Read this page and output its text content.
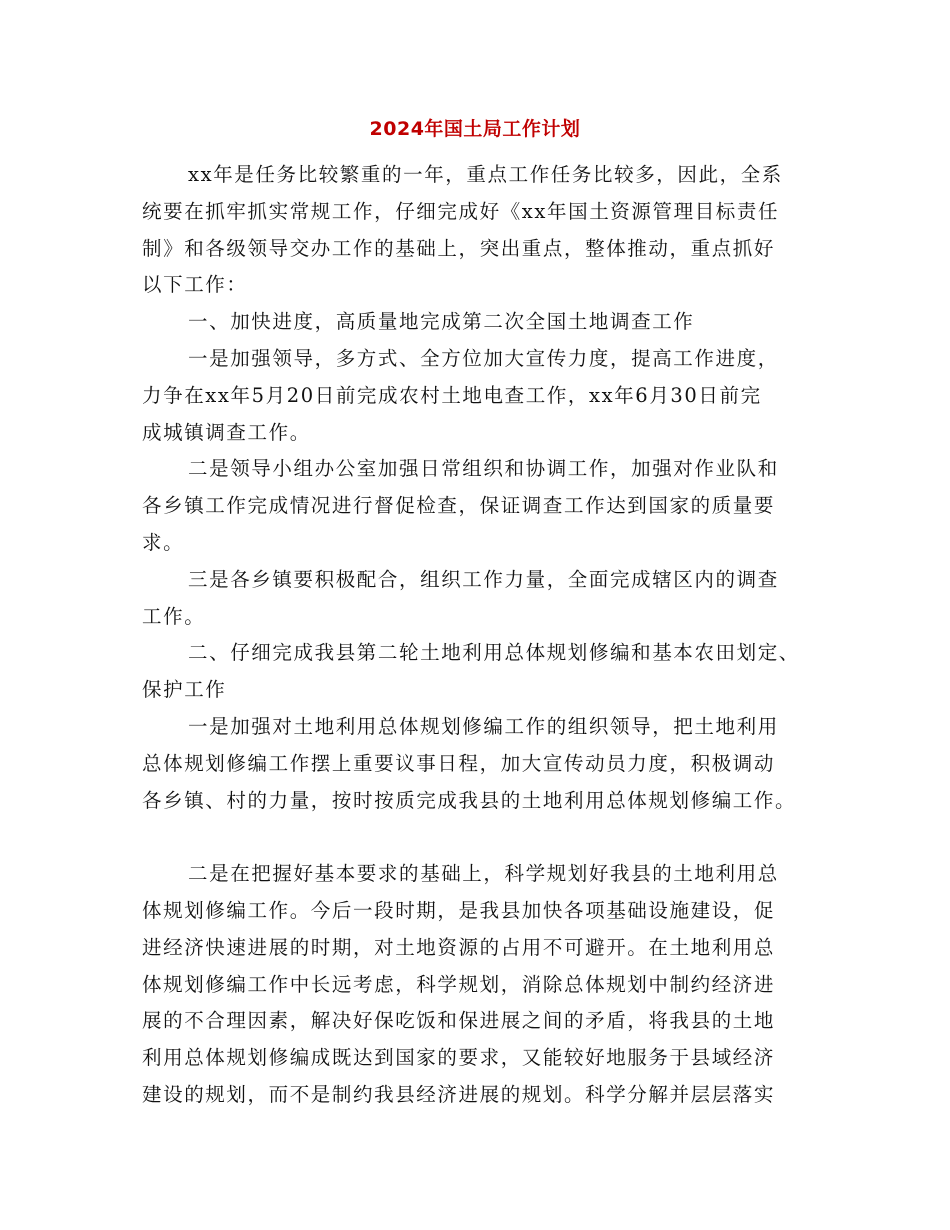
2024年国土局工作计划
xx年是任务比较繁重的一年，重点工作任务比较多，因此，全系
统要在抓牢抓实常规工作，仔细完成好《xx年国土资源管理目标责任
制》和各级领导交办工作的基础上，突出重点，整体推动，重点抓好
以下工作：
一、加快进度，高质量地完成第二次全国土地调查工作
一是加强领导，多方式、全方位加大宣传力度，提高工作进度，
力争在xx年5月20日前完成农村土地电查工作，xx年6月30日前完
成城镇调查工作。
二是领导小组办公室加强日常组织和协调工作，加强对作业队和
各乡镇工作完成情况进行督促检查，保证调查工作达到国家的质量要
求。
三是各乡镇要积极配合，组织工作力量，全面完成辖区内的调查
工作。
二、仔细完成我县第二轮土地利用总体规划修编和基本农田划定、
保护工作
一是加强对土地利用总体规划修编工作的组织领导，把土地利用
总体规划修编工作摆上重要议事日程，加大宣传动员力度，积极调动
各乡镇、村的力量，按时按质完成我县的土地利用总体规划修编工作。
二是在把握好基本要求的基础上，科学规划好我县的土地利用总
体规划修编工作。今后一段时期，是我县加快各项基础设施建设，促
进经济快速进展的时期，对土地资源的占用不可避开。在土地利用总
体规划修编工作中长远考虑，科学规划，消除总体规划中制约经济进
展的不合理因素，解决好保吃饭和保进展之间的矛盾，将我县的土地
利用总体规划修编成既达到国家的要求，又能较好地服务于县域经济
建设的规划，而不是制约我县经济进展的规划。科学分解并层层落实
